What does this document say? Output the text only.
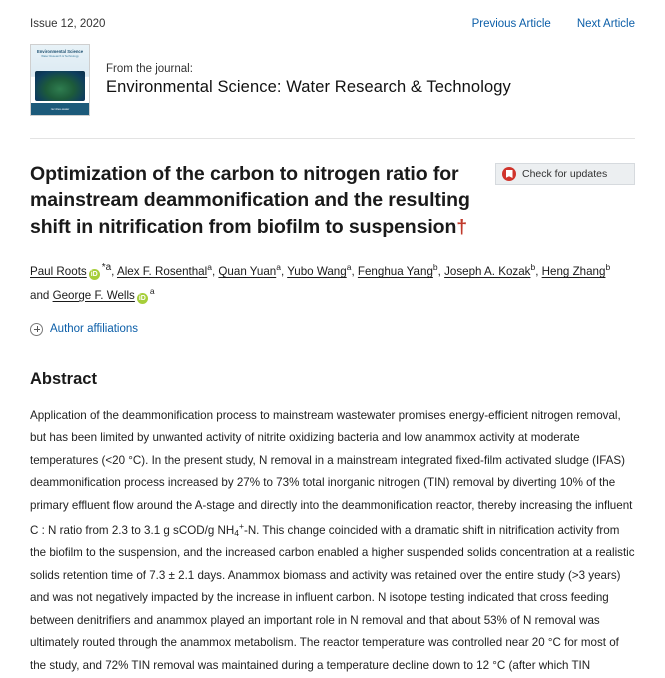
Issue 12, 2020	Previous Article Next Article
Environmental Science
Water Research & Technology
rsc.li/es-water
From the journal:
Environmental Science: Water Research & Technology
Optimization of the carbon to nitrogen ratio for mainstream deammonification and the resulting shift in nitrification from biofilm to suspension†
Check for updates
Paul Roots $iD^{*a}$, Alex F. Rosenthal$^a$, Quan Yuan$^a$, Yubo Wang$^a$, Fenghua Yang$^b$, Joseph A. Kozak$^b$, Heng Zhang$^b$ and George F. Wells $iD^a$
Author affiliations
Abstract
Application of the deammonification process to mainstream wastewater promises energy-efficient nitrogen removal, but has been limited by unwanted activity of nitrite oxidizing bacteria and low anammox activity at moderate temperatures (<20 °C). In the present study, N removal in a mainstream integrated fixed-film activated sludge (IFAS) deammonification process increased by 27% to 73% total inorganic nitrogen (TIN) removal by diverting 10% of the primary effluent flow around the A-stage and directly into the deammonification reactor, thereby increasing the influent C : N ratio from 2.3 to 3.1 g sCOD/g $NH_4^+-N$. This change coincided with a dramatic shift in nitrification activity from the biofilm to the suspension, and the increased carbon enabled a higher suspended solids concentration at a realistic solids retention time of 7.3 ± 2.1 days. Anammox biomass and activity was retained over the entire study (>3 years) and was not negatively impacted by the increase in influent carbon. N isotope testing indicated that cross feeding between denitrifiers and anammox played an important role in N removal and that about 53% of N removal was ultimately routed through the anammox metabolism. The reactor temperature was controlled near 20 °C for most of the study, and 72% TIN removal was maintained during a temperature decline down to 12 °C (after which TIN
